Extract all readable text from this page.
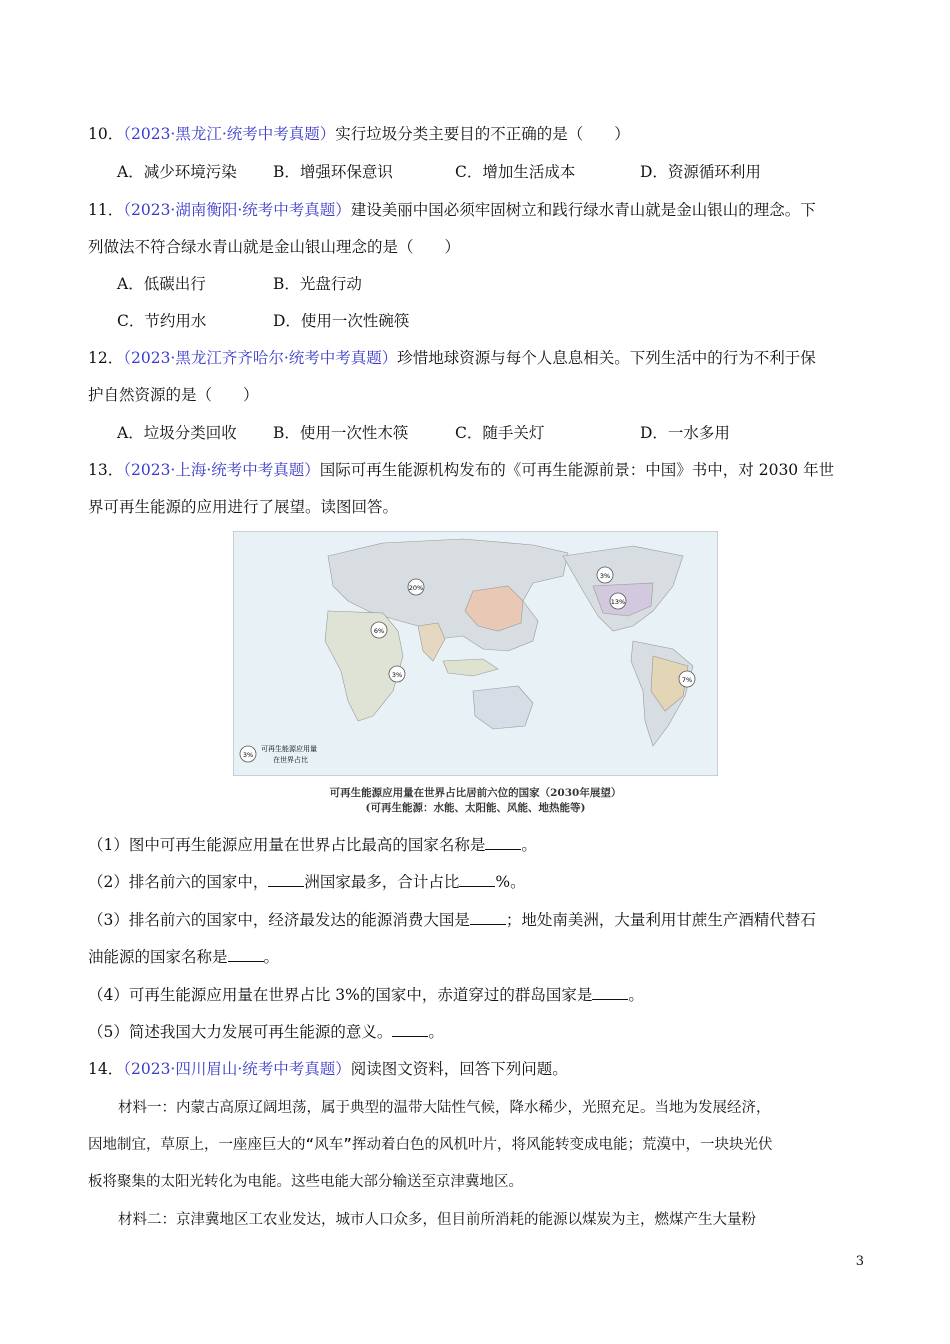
10．（2023·黑龙江·统考中考真题）实行垃圾分类主要目的不正确的是（　　）
A．减少环境污染 B．增强环保意识	C．增加生活成本	D．资源循环利用
11．（2023·湖南衡阳·统考中考真题）建设美丽中国必须牢固树立和践行绿水青山就是金山银山的理念。下
列做法不符合绿水青山就是金山银山理念的是（　　）
A．低碳出行	B．光盘行动
C．节约用水	D．使用一次性碗筷
12．（2023·黑龙江齐齐哈尔·统考中考真题）珍惜地球资源与每个人息息相关。下列生活中的行为不利于保
护自然资源的是（　　）
A．垃圾分类回收 B．使用一次性木筷	C．随手关灯	D．一水多用
13．（2023·上海·统考中考真题）国际可再生能源机构发布的《可再生能源前景：中国》书中，对 2030 年世
界可再生能源的应用进行了展望。读图回答。
3%
13%
20%
6%
3%
7%
3%
可再生能源应用量
在世界占比
可再生能源应用量在世界占比居前六位的国家（2030年展望）
(可再生能源：水能、太阳能、风能、地热能等)
（1）图中可再生能源应用量在世界占比最高的国家名称是 。
（2）排名前六的国家中， 洲国家最多，合计占比 %。
（3）排名前六的国家中，经济最发达的能源消费大国是 ；地处南美洲，大量利用甘蔗生产酒精代替石
油能源的国家名称是 。
（4）可再生能源应用量在世界占比 3%的国家中，赤道穿过的群岛国家是 。
（5）简述我国大力发展可再生能源的意义。 。
14．（2023·四川眉山·统考中考真题）阅读图文资料，回答下列问题。
材料一：内蒙古高原辽阔坦荡，属于典型的温带大陆性气候，降水稀少，光照充足。当地为发展经济，
因地制宜，草原上，一座座巨大的“风车”挥动着白色的风机叶片，将风能转变成电能；荒漠中，一块块光伏
板将聚集的太阳光转化为电能。这些电能大部分输送至京津冀地区。
材料二：京津冀地区工农业发达，城市人口众多，但目前所消耗的能源以煤炭为主，燃煤产生大量粉
3
